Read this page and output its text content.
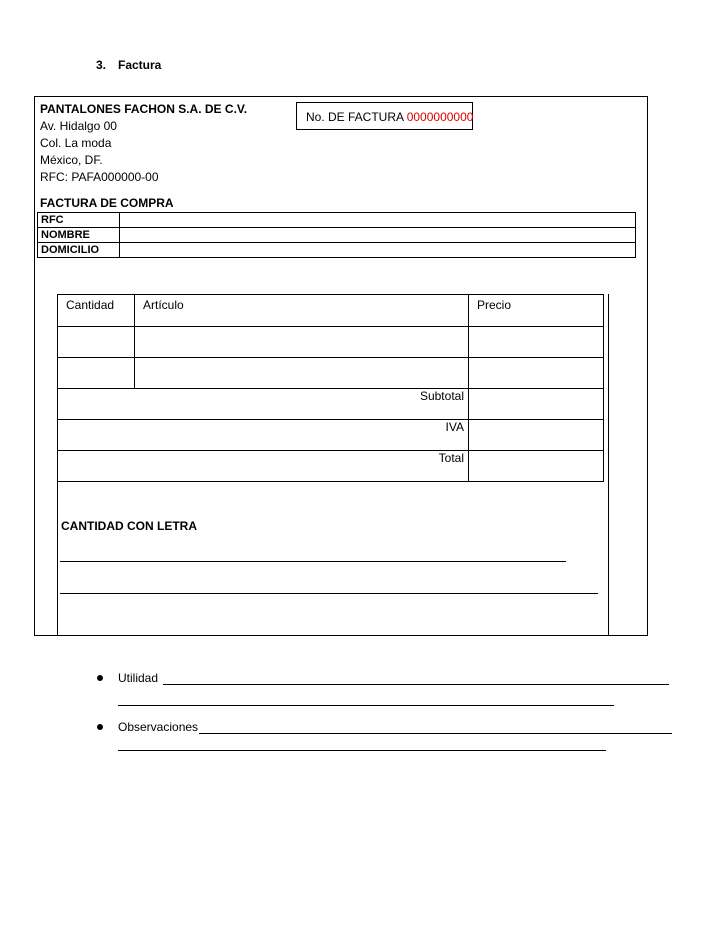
3. Factura
PANTALONES FACHON S.A. DE C.V.
Av. Hidalgo 00
Col. La moda
México, DF.
RFC: PAFA000000-00
No. DE FACTURA 0000000000
FACTURA DE COMPRA
RFC	
NOMBRE	
DOMICILIO	
Cantidad	Artículo	Precio

Subtotal		
IVA		
Total		
CANTIDAD CON LETRA
Utilidad
Observaciones
